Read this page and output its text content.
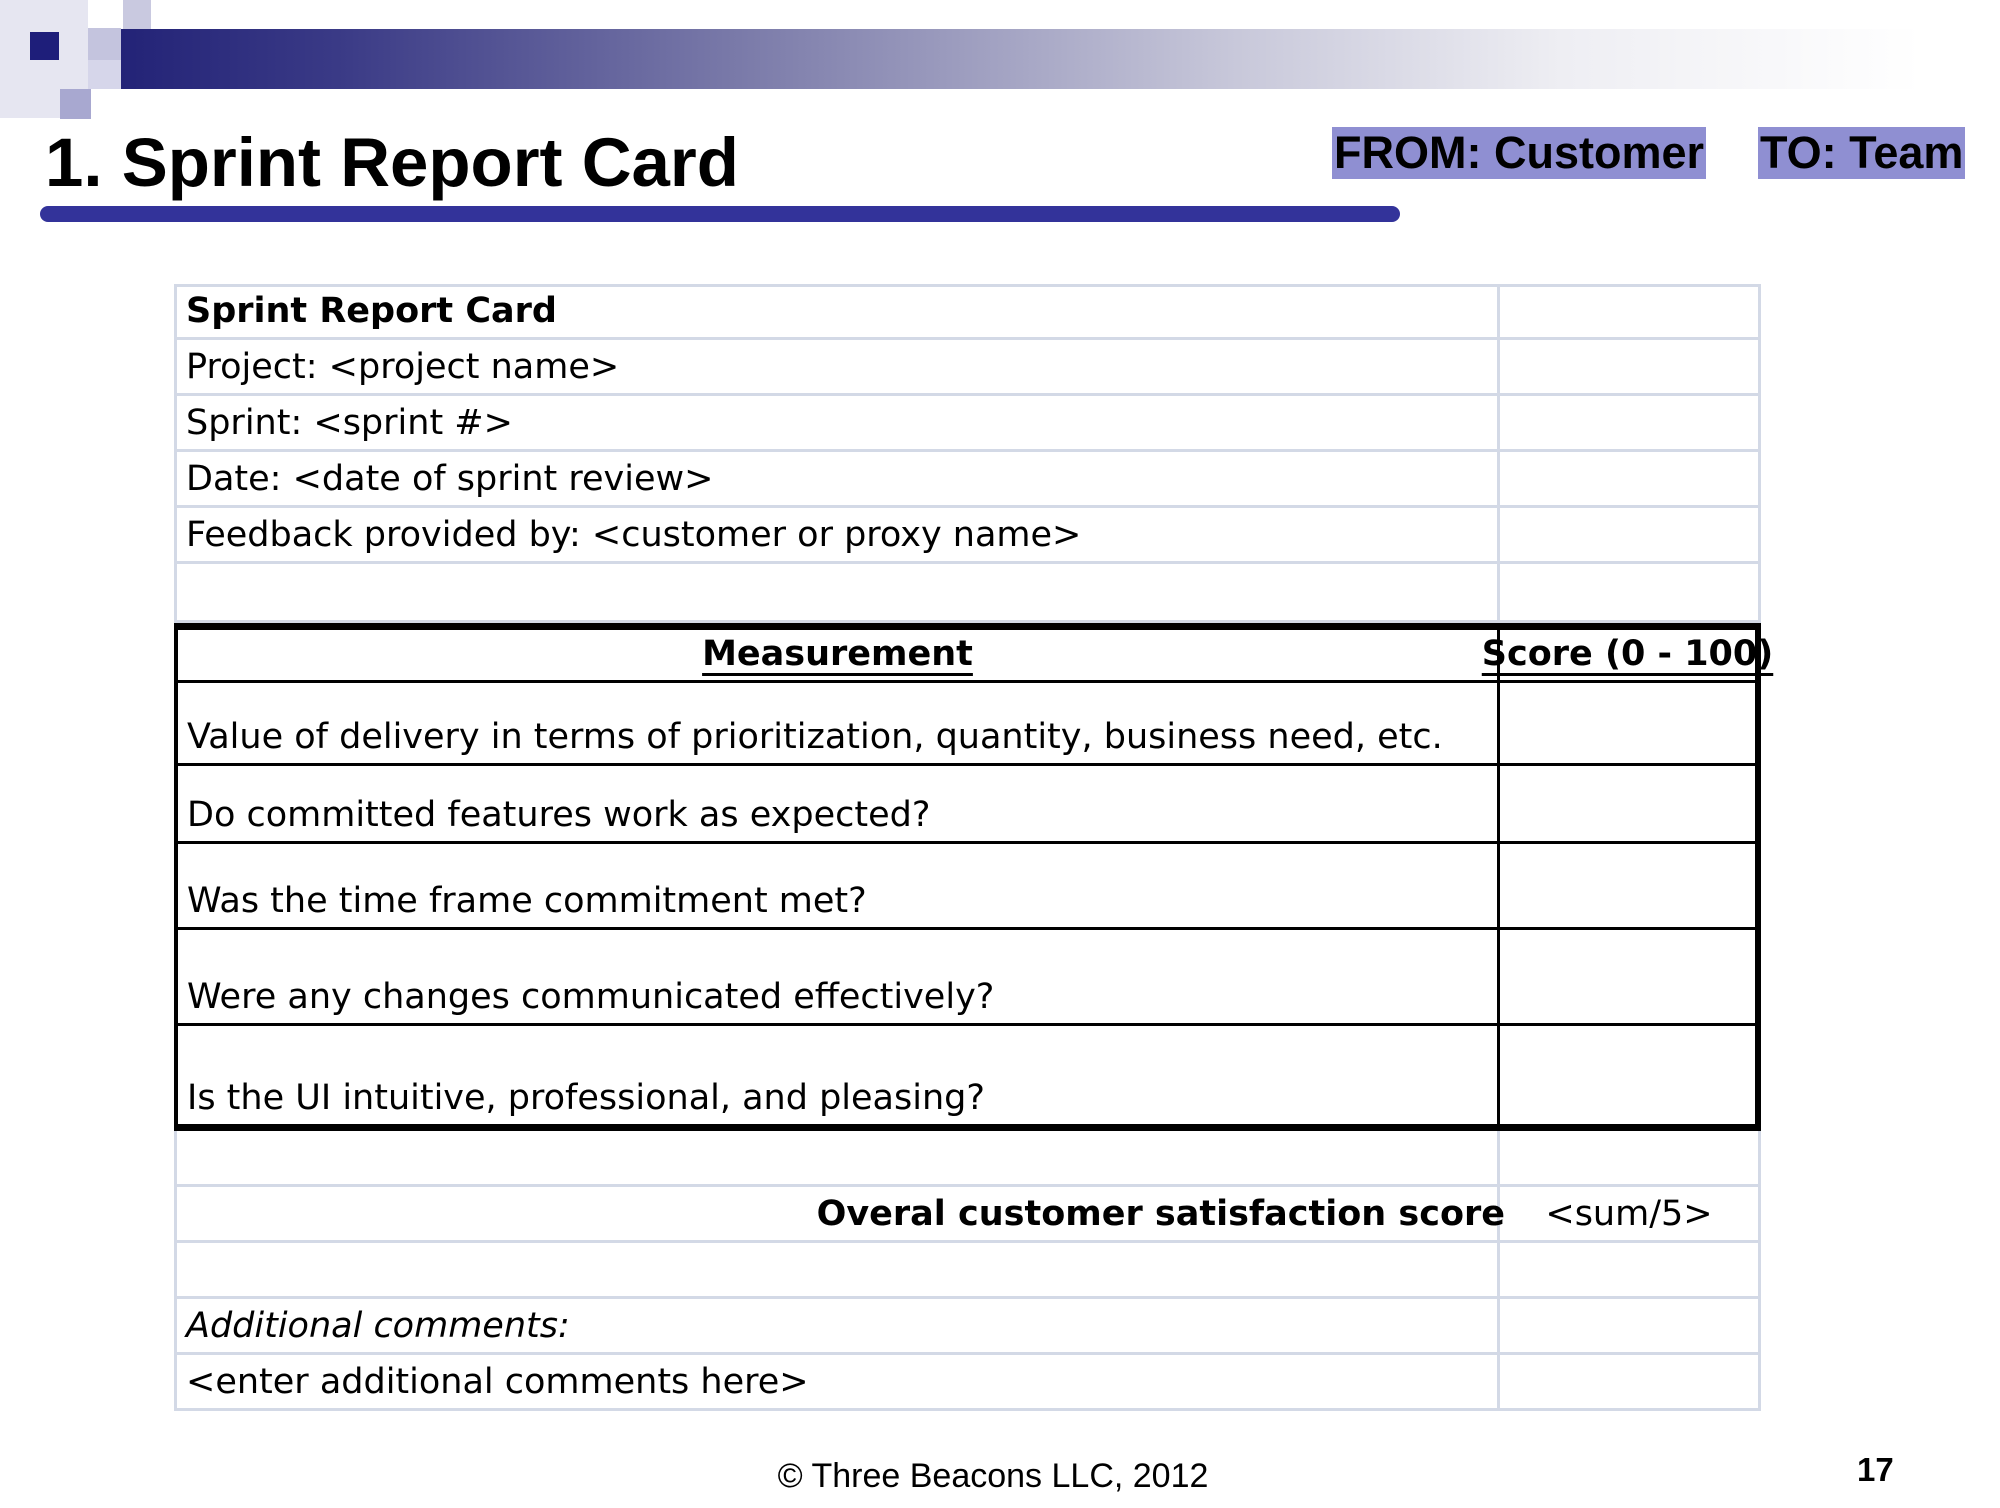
1. Sprint Report Card	FROM: Customer TO: Team
Sprint Report Card
Project: <project name>
Sprint: <sprint #>
Date: <date of sprint review>
Feedback provided by: <customer or proxy name>
Measurement	Score (0 - 100)
Value of delivery in terms of prioritization, quantity, business need, etc.
Do committed features work as expected?
Was the time frame commitment met?
Were any changes communicated effectively?
Is the UI intuitive, professional, and pleasing?
Overal customer satisfaction score	<sum/5>
Additional comments:
<enter additional comments here>
© Three Beacons LLC, 2012	17
